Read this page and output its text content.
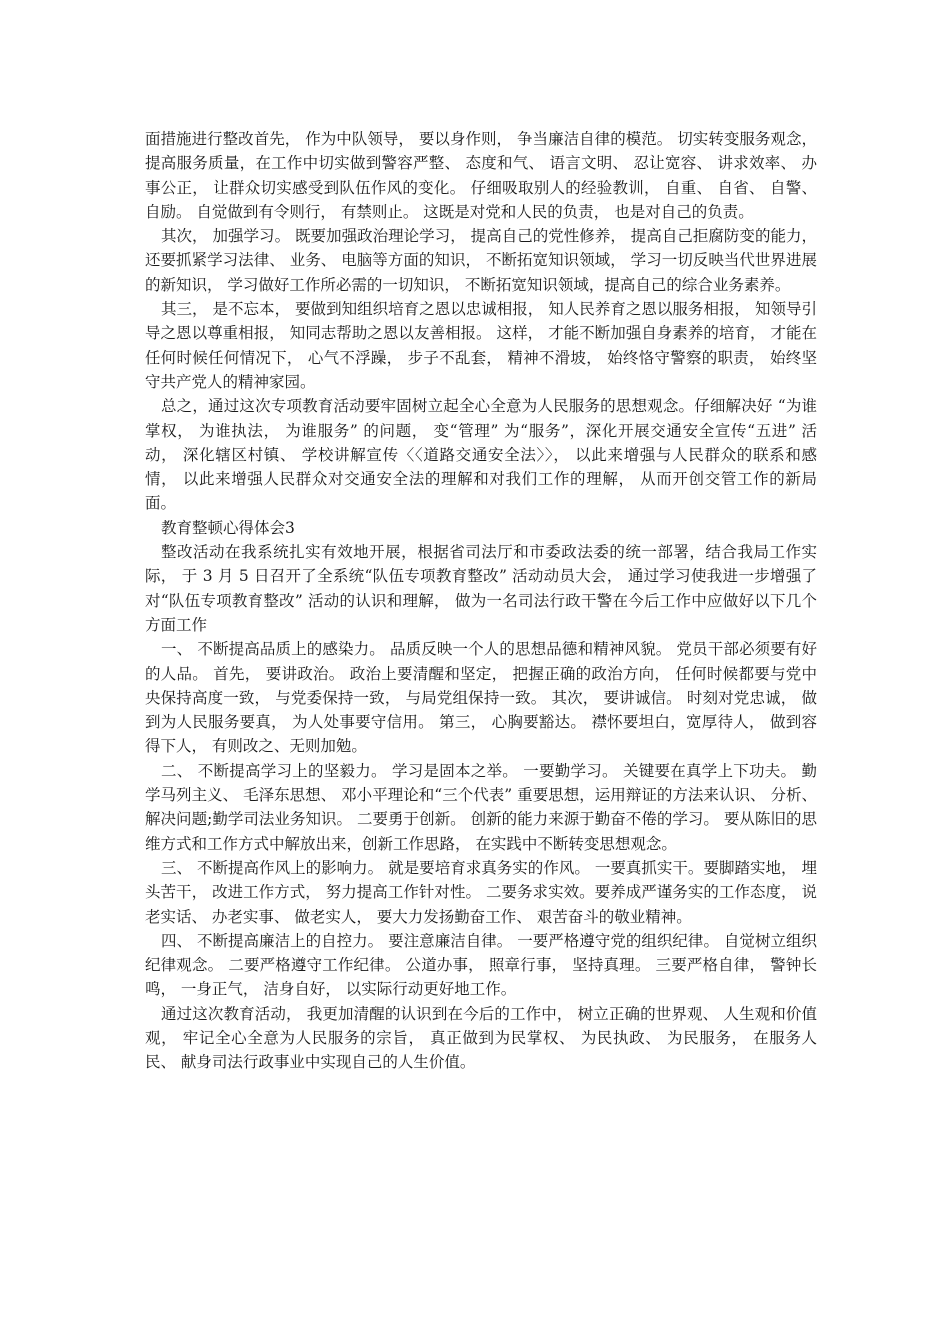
面措施进行整改首先， 作为中队领导， 要以身作则， 争当廉洁自律的模范。 切实转变服务观念， 提高服务质量，在工作中切实做到警容严整、 态度和气、 语言文明、 忍让宽容、 讲求效率、 办事公正， 让群众切实感受到队伍作风的变化。 仔细吸取别人的经验教训， 自重、 自省、 自警、 自励。 自觉做到有令则行， 有禁则止。 这既是对党和人民的负责， 也是对自己的负责。

其次， 加强学习。 既要加强政治理论学习， 提高自己的党性修养， 提高自己拒腐防变的能力， 还要抓紧学习法律、 业务、 电脑等方面的知识， 不断拓宽知识领域， 学习一切反映当代世界进展的新知识， 学习做好工作所必需的一切知识， 不断拓宽知识领域，提高自己的综合业务素养。

其三， 是不忘本， 要做到知组织培育之恩以忠诚相报， 知人民养育之恩以服务相报， 知领导引导之恩以尊重相报， 知同志帮助之恩以友善相报。 这样， 才能不断加强自身素养的培育， 才能在任何时候任何情况下， 心气不浮躁， 步子不乱套， 精神不滑坡， 始终恪守警察的职责， 始终坚守共产党人的精神家园。

总之，通过这次专项教育活动要牢固树立起全心全意为人民服务的思想观念。仔细解决好 “为谁掌权， 为谁执法， 为谁服务” 的问题， 变“管理” 为“服务”，深化开展交通安全宣传“五进” 活动， 深化辖区村镇、 学校讲解宣传〈〈道路交通安全法〉〉， 以此来增强与人民群众的联系和感情， 以此来增强人民群众对交通安全法的理解和对我们工作的理解， 从而开创交管工作的新局面。

教育整顿心得体会3

整改活动在我系统扎实有效地开展，根据省司法厅和市委政法委的统一部署，结合我局工作实际， 于 3 月 5 日召开了全系统“队伍专项教育整改” 活动动员大会， 通过学习使我进一步增强了对“队伍专项教育整改” 活动的认识和理解， 做为一名司法行政干警在今后工作中应做好以下几个方面工作

一、 不断提高品质上的感染力。 品质反映一个人的思想品德和精神风貌。 党员干部必须要有好的人品。 首先， 要讲政治。 政治上要清醒和坚定， 把握正确的政治方向， 任何时候都要与党中央保持高度一致， 与党委保持一致， 与局党组保持一致。 其次， 要讲诚信。 时刻对党忠诚， 做到为人民服务要真， 为人处事要守信用。 第三， 心胸要豁达。 襟怀要坦白，宽厚待人， 做到容得下人， 有则改之、无则加勉。

二、 不断提高学习上的坚毅力。 学习是固本之举。 一要勤学习。 关键要在真学上下功夫。 勤学马列主义、 毛泽东思想、 邓小平理论和“三个代表” 重要思想，运用辩证的方法来认识、 分析、 解决问题;勤学司法业务知识。 二要勇于创新。 创新的能力来源于勤奋不倦的学习。 要从陈旧的思维方式和工作方式中解放出来，创新工作思路， 在实践中不断转变思想观念。

三、 不断提高作风上的影响力。 就是要培育求真务实的作风。 一要真抓实干。要脚踏实地， 埋头苦干， 改进工作方式， 努力提高工作针对性。 二要务求实效。要养成严谨务实的工作态度， 说老实话、 办老实事、 做老实人， 要大力发扬勤奋工作、 艰苦奋斗的敬业精神。

四、 不断提高廉洁上的自控力。 要注意廉洁自律。 一要严格遵守党的组织纪律。 自觉树立组织纪律观念。 二要严格遵守工作纪律。 公道办事， 照章行事， 坚持真理。 三要严格自律， 警钟长鸣， 一身正气， 洁身自好， 以实际行动更好地工作。

通过这次教育活动， 我更加清醒的认识到在今后的工作中， 树立正确的世界观、 人生观和价值观， 牢记全心全意为人民服务的宗旨， 真正做到为民掌权、 为民执政、 为民服务， 在服务人民、 献身司法行政事业中实现自己的人生价值。
